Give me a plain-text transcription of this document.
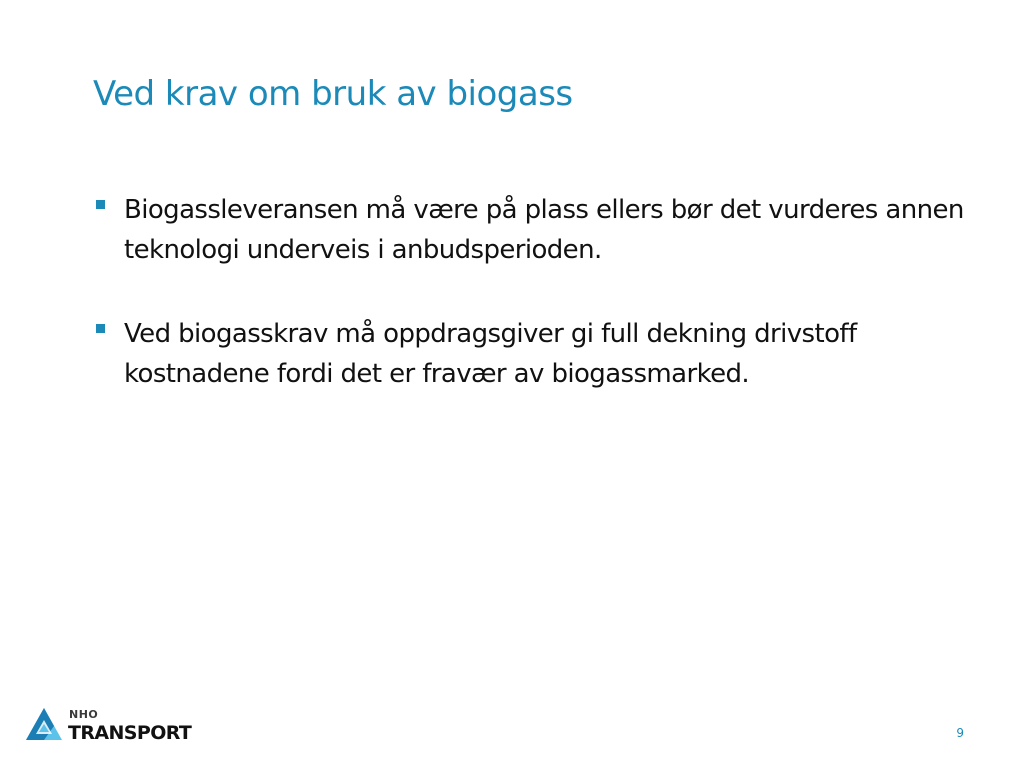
Ved krav om bruk av biogass
Biogassleveransen må være på plass ellers bør det vurderes annen teknologi underveis i anbudsperioden.
Ved biogasskrav må oppdragsgiver gi full dekning drivstoff kostnadene fordi det er fravær av biogassmarked.
NHO
TRANSPORT	9
